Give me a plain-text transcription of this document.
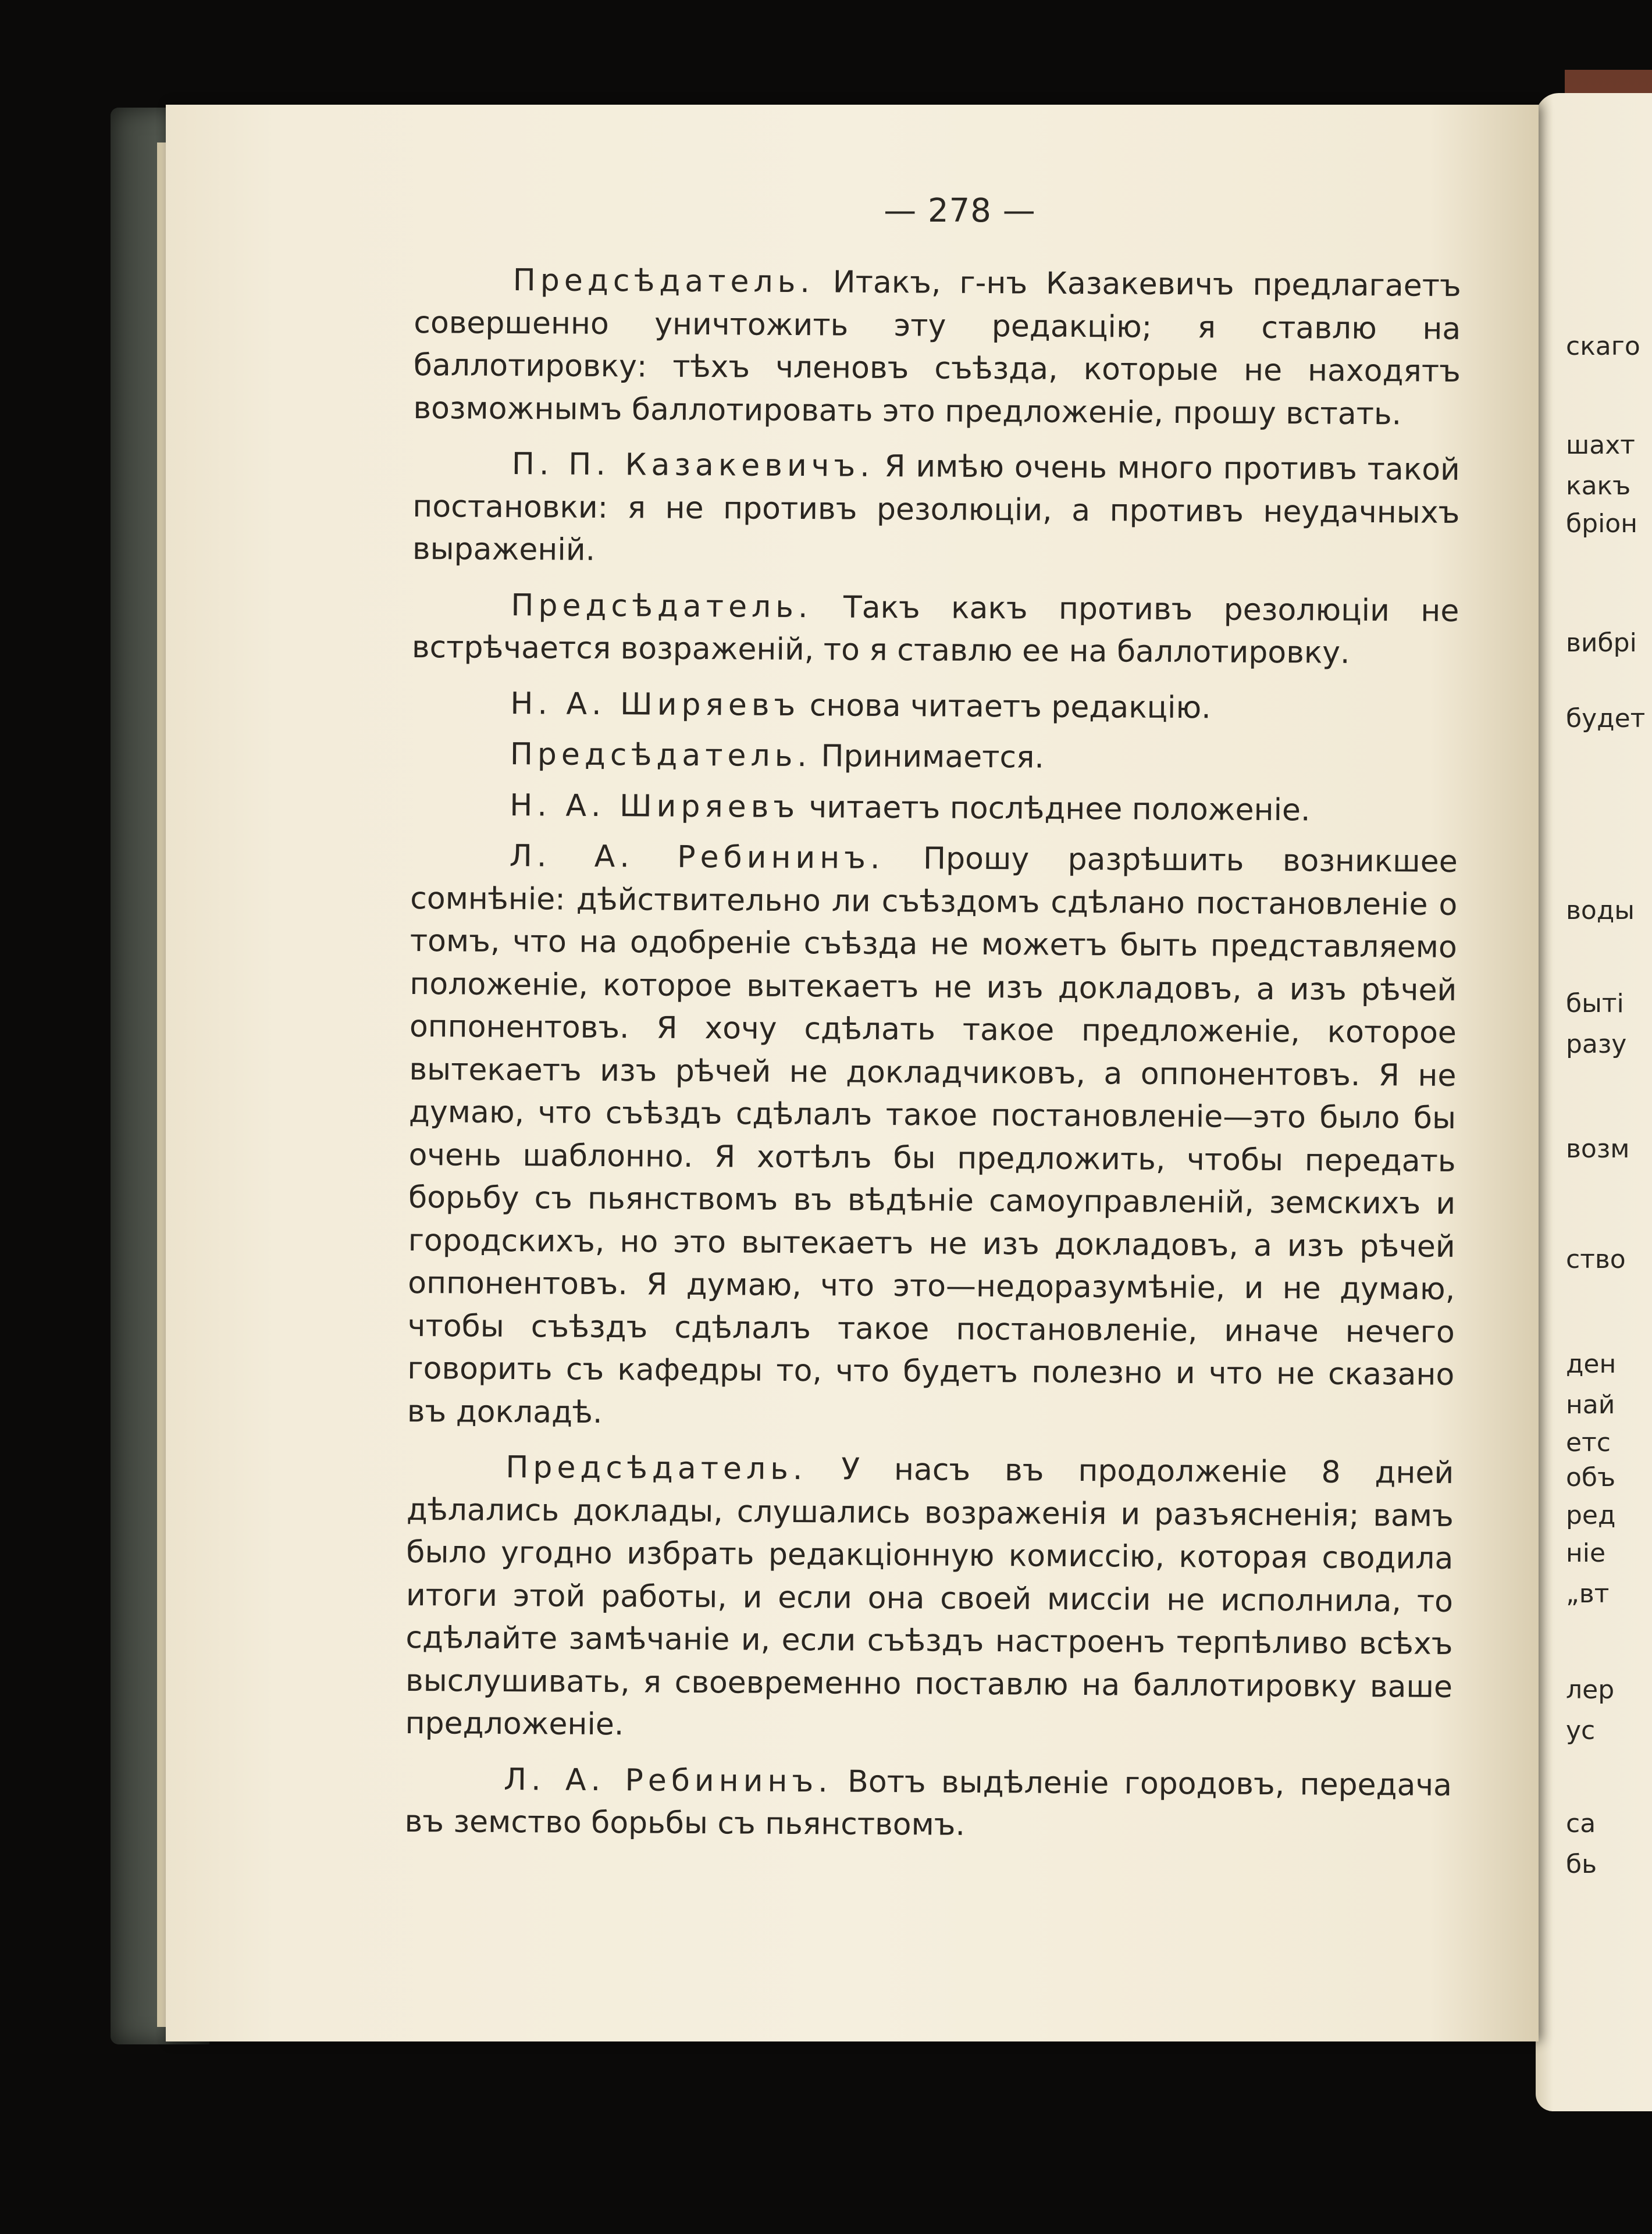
скаго
шахт
какъ
бріон
вибрі
будет
воды
бытi
разу
возм
ство
ден
най
етс
объ
ред
ніе
„вт
лер
ус
са
бь
— 278 —

Предсѣдатель. Итакъ, г-нъ Казакевичъ предлагаетъ совершенно уничтожить эту редакцію; я ставлю на баллотировку: тѣхъ членовъ съѣзда, которые не находятъ возможнымъ баллотировать это предложеніе, прошу встать.

П. П. Казакевичъ. Я имѣю очень много противъ такой постановки: я не противъ резолюціи, а противъ неудачныхъ выраженій.

Предсѣдатель. Такъ какъ противъ резолюціи не встрѣчается возраженій, то я ставлю ее на баллотировку.

Н. А. Ширяевъ снова читаетъ редакцію.

Предсѣдатель. Принимается.

Н. А. Ширяевъ читаетъ послѣднее положеніе.

Л. А. Ребининъ. Прошу разрѣшить возникшее сомнѣніе: дѣйствительно ли съѣздомъ сдѣлано постановленіе о томъ, что на одобреніе съѣзда не можетъ быть представляемо положеніе, которое вытекаетъ не изъ докладовъ, а изъ рѣчей оппонентовъ. Я хочу сдѣлать такое предложеніе, которое вытекаетъ изъ рѣчей не докладчиковъ, а оппонентовъ. Я не думаю, что съѣздъ сдѣлалъ такое постановленіе—это было бы очень шаблонно. Я хотѣлъ бы предложить, чтобы передать борьбу съ пьянствомъ въ вѣдѣніе самоуправленій, земскихъ и городскихъ, но это вытекаетъ не изъ докладовъ, а изъ рѣчей оппонентовъ. Я думаю, что это—недоразумѣніе, и не думаю, чтобы съѣздъ сдѣлалъ такое постановленіе, иначе нечего говорить съ кафедры то, что будетъ полезно и что не сказано въ докладѣ.

Предсѣдатель. У насъ въ продолженіе 8 дней дѣлались доклады, слушались возраженія и разъясненія; вамъ было угодно избрать редакціонную комиссію, которая сводила итоги этой работы, и если она своей миссіи не исполнила, то сдѣлайте замѣчаніе и, если съѣздъ настроенъ терпѣливо всѣхъ выслушивать, я своевременно поставлю на баллотировку ваше предложеніе.

Л. А. Ребининъ. Вотъ выдѣленіе городовъ, передача въ земство борьбы съ пьянствомъ.
